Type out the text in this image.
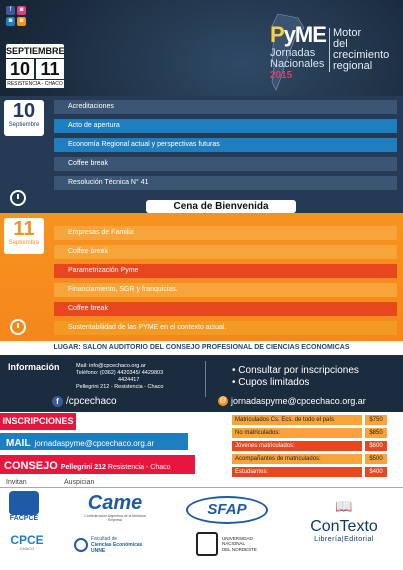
f	◙
◙	◙
SEPTIEMBRE
10 11
RESISTENCIA - CHACO
PyME
Jornadas Nacionales
2015
Motor
del
crecimiento
regional
10
Septiembre
Acreditaciones
Acto de apertura
Economía Regional actual y perspectivas futuras
Coffee break
Resolución Técnica N° 41
Cena de Bienvenida
11
Septiembre
Empresas de Familia
Coffee break
Parametrización Pyme
Financiamiento, SGR y franquicias.
Coffee break
Sustentabilidad de las PYME en el contexto actual.
LUGAR: SALON AUDITORIO DEL CONSEJO PROFESIONAL DE CIENCIAS ECONOMICAS
Información	Mail: info@cpcechaco.org.ar
Teléfono: (0362) 4420345/ 4429803
4424417
Pellegrini 212 - Resistencia - Chaco
f /cpcechaco
• Consultar por inscripciones
• Cupos limitados
@ jornadaspyme@cpcechaco.org.ar
INSCRIPCIONES
MAIL jornadaspyme@cpcechaco.org.ar
CONSEJO Pellegrini 212 Resistencia - Chaco
Matriculados Cs. Ecs. de todo el país	$750
No matriculados:	$850
Jóvenes matriculados:	$600
Acompañantes de matriculados:	$500
Estudiantes:	$400
Invitan	Auspician
FACPCE
CPCE
CHACO
Came
Confederación Argentina de la Mediana Empresa
SFAP	📖
ConTexto
Librería|Editorial
Facultad de
Ciencias Económicas
UNNE
UNIVERSIDAD
NACIONAL
DEL NORDESTE
